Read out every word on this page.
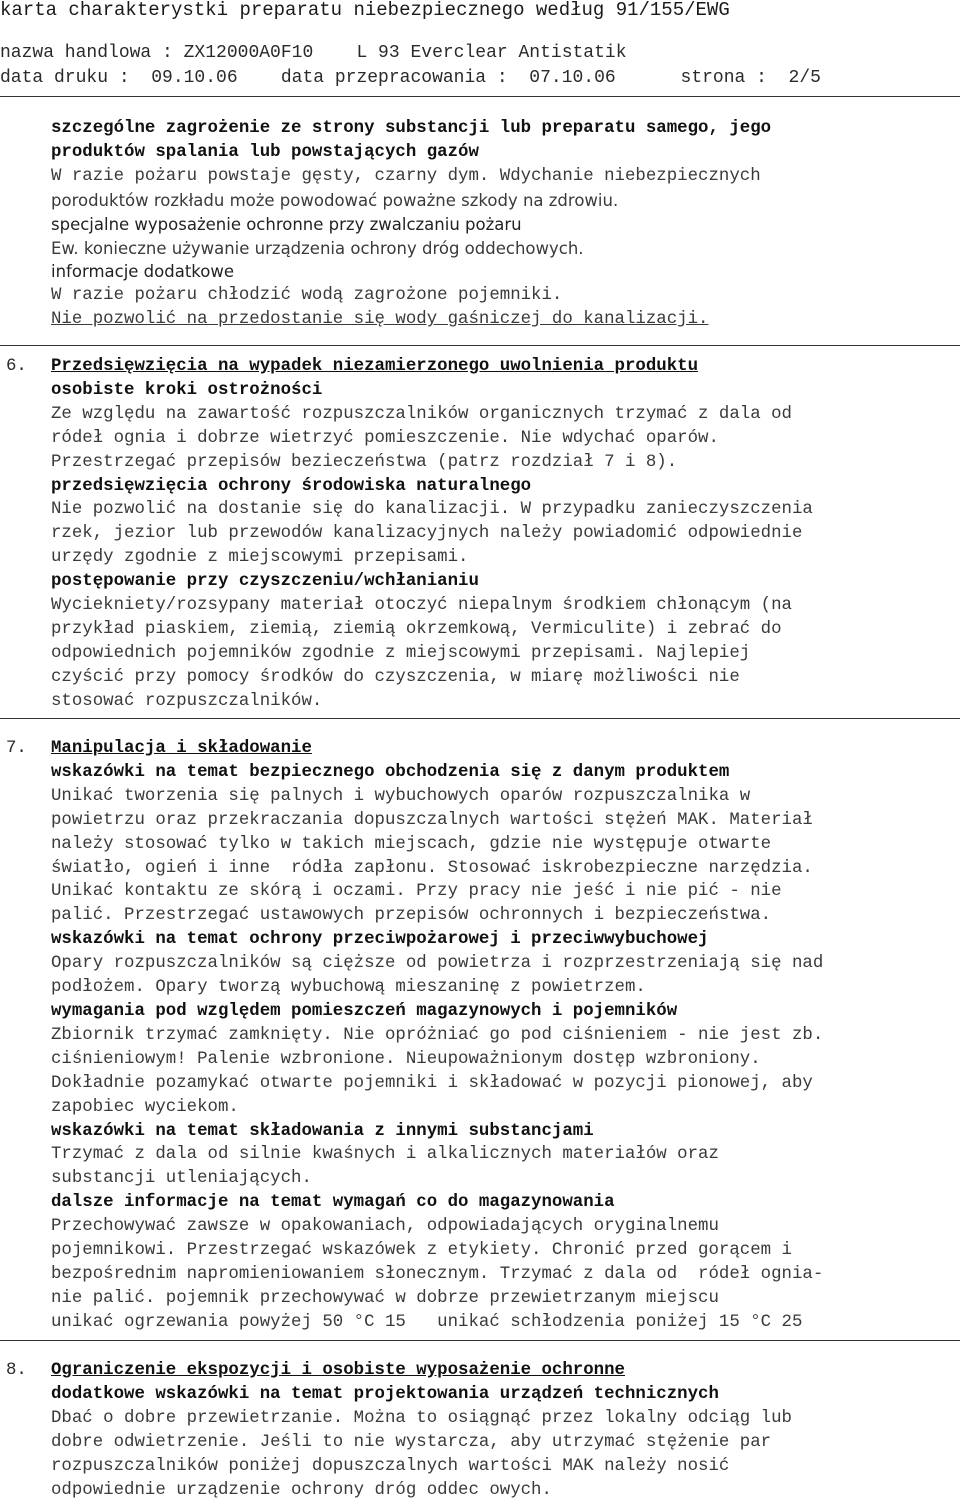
karta charakterystki preparatu niebezpiecznego według 91/155/EWG
nazwa handlowa : ZX12000A0F10    L 93 Everclear Antistatik
data druku :  09.10.06    data przepracowania :  07.10.06      strona :  2/5
szczególne zagrożenie ze strony substancji lub preparatu samego, jego
produktów spalania lub powstających gazów
W razie pożaru powstaje gęsty, czarny dym. Wdychanie niebezpiecznych
poroduktów rozkładu może powodować poważne szkody na zdrowiu.
specjalne wyposażenie ochronne przy zwalczaniu pożaru
Ew. konieczne używanie urządzenia ochrony dróg oddechowych.
informacje dodatkowe
W razie pożaru chłodzić wodą zagrożone pojemniki.
Nie pozwolić na przedostanie się wody gaśniczej do kanalizacji.
6. Przedsięwzięcia na wypadek niezamierzonego uwolnienia produktu
osobiste kroki ostrożności
Ze względu na zawartość rozpuszczalników organicznych trzymać z dala od
ródeł ognia i dobrze wietrzyć pomieszczenie. Nie wdychać oparów.
Przestrzegać przepisów bezieczeństwa (patrz rozdział 7 i 8).
przedsięwzięcia ochrony środowiska naturalnego
Nie pozwolić na dostanie się do kanalizacji. W przypadku zanieczyszczenia
rzek, jezior lub przewodów kanalizacyjnych należy powiadomić odpowiednie
urzędy zgodnie z miejscowymi przepisami.
postępowanie przy czyszczeniu/wchłanianiu
Wyciekniety/rozsypany materiał otoczyć niepalnym środkiem chłonącym (na
przykład piaskiem, ziemią, ziemią okrzemkową, Vermiculite) i zebrać do
odpowiednich pojemników zgodnie z miejscowymi przepisami. Najlepiej
czyścić przy pomocy środków do czyszczenia, w miarę możliwości nie
stosować rozpuszczalników.
7. Manipulacja i składowanie
wskazówki na temat bezpiecznego obchodzenia się z danym produktem
Unikać tworzenia się palnych i wybuchowych oparów rozpuszczalnika w
powietrzu oraz przekraczania dopuszczalnych wartości stężeń MAK. Materiał
należy stosować tylko w takich miejscach, gdzie nie występuje otwarte
światło, ogień i inne  ródła zapłonu. Stosować iskrobezpieczne narzędzia.
Unikać kontaktu ze skórą i oczami. Przy pracy nie jeść i nie pić - nie
palić. Przestrzegać ustawowych przepisów ochronnych i bezpieczeństwa.
wskazówki na temat ochrony przeciwpożarowej i przeciwwybuchowej
Opary rozpuszczalników są cięższe od powietrza i rozprzestrzeniają się nad
podłożem. Opary tworzą wybuchową mieszaninę z powietrzem.
wymagania pod względem pomieszczeń magazynowych i pojemników
Zbiornik trzymać zamknięty. Nie opróżniać go pod ciśnieniem - nie jest zb.
ciśnieniowym! Palenie wzbronione. Nieupoważnionym dostęp wzbroniony.
Dokładnie pozamykać otwarte pojemniki i składować w pozycji pionowej, aby
zapobiec wyciekom.
wskazówki na temat składowania z innymi substancjami
Trzymać z dala od silnie kwaśnych i alkalicznych materiałów oraz
substancji utleniających.
dalsze informacje na temat wymagań co do magazynowania
Przechowywać zawsze w opakowaniach, odpowiadających oryginalnemu
pojemnikowi. Przestrzegać wskazówek z etykiety. Chronić przed gorącem i
bezpośrednim napromieniowaniem słonecznym. Trzymać z dala od  ródeł ognia-
nie palić. pojemnik przechowywać w dobrze przewietrzanym miejscu
unikać ogrzewania powyżej 50 °C 15   unikać schłodzenia poniżej 15 °C 25
8. Ograniczenie ekspozycji i osobiste wyposażenie ochronne
dodatkowe wskazówki na temat projektowania urządzeń technicznych
Dbać o dobre przewietrzanie. Można to osiągnąć przez lokalny odciąg lub
dobre odwietrzenie. Jeśli to nie wystarcza, aby utrzymać stężenie par
rozpuszczalników poniżej dopuszczalnych wartości MAK należy nosić
odpowiednie urządzenie ochrony dróg oddec owych.
